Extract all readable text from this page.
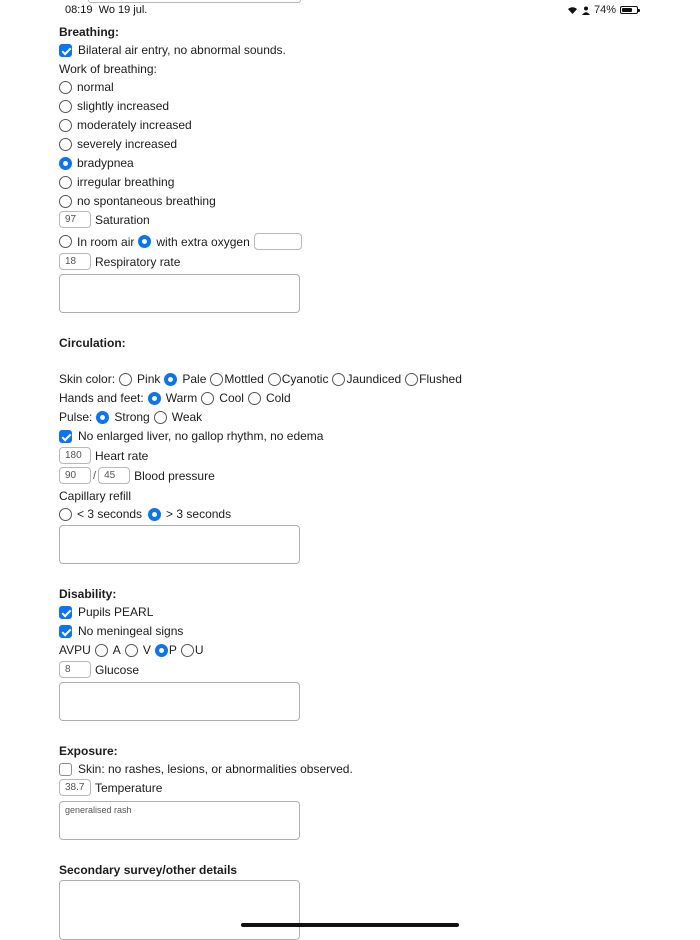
08:19 Wo 19 jul.	74%
Breathing:
Bilateral air entry, no abnormal sounds.
Work of breathing:
normal
slightly increased
moderately increased
severely increased
bradypnea
irregular breathing
no spontaneous breathing
97	Saturation
In room air with extra oxygen
18	Respiratory rate
Circulation:
Skin color: Pink Pale Mottled Cyanotic Jaundiced Flushed
Hands and feet: Warm Cool Cold
Pulse: Strong Weak
No enlarged liver, no gallop rhythm, no edema
180	Heart rate
90	/ 45	Blood pressure
Capillary refill
< 3 seconds > 3 seconds
Disability:
Pupils PEARL
No meningeal signs
AVPU A V P U
8	Glucose
Exposure:
Skin: no rashes, lesions, or abnormalities observed.
38.7 Temperature
generalised rash
Secondary survey/other details
